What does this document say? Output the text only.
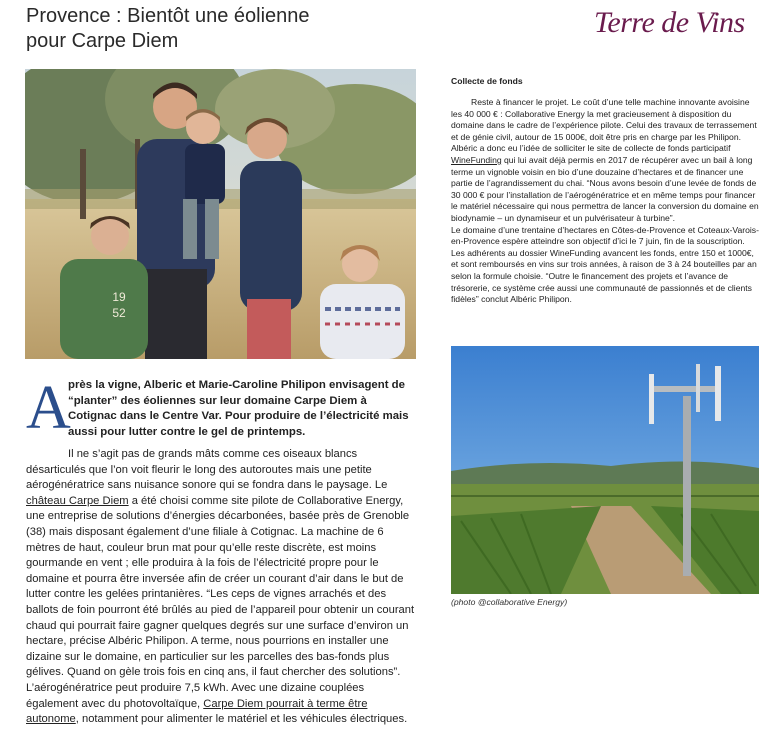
Provence : Bientôt une éolienne
pour Carpe Diem
Terre de Vins
19
52
A

près la vigne, Alberic et Marie-Caroline Philipon envisagent de “planter” des éoliennes sur leur domaine Carpe Diem à Cotignac dans le Centre Var. Pour produire de l’électricité mais aussi pour lutter contre le gel de printemps.

Il ne s’agit pas de grands mâts comme ces oiseaux blancs désarticulés que l’on voit fleurir le long des autoroutes mais une petite aérogénératrice sans nuisance sonore qui se fondra dans le paysage. Le château Carpe Diem a été choisi comme site pilote de Collaborative Energy, une entreprise de solutions d’énergies décarbonées, basée près de Grenoble (38) mais disposant également d’une filiale à Cotignac. La machine de 6 mètres de haut, couleur brun mat pour qu’elle reste discrète, est moins gourmande en vent ; elle produira à la fois de l’électricité propre pour le domaine et pourra être inversée afin de créer un courant d’air dans le but de lutter contre les gelées printanières. “Les ceps de vignes arrachés et des ballots de foin pourront été brûlés au pied de l’appareil pour obtenir un courant chaud qui pourrait faire gagner quelques degrés sur une surface d’environ un hectare, précise Albéric Philipon. A terme, nous pourrions en installer une dizaine sur le domaine, en particulier sur les parcelles des bas-fonds plus gélives. Quand on gèle trois fois en cinq ans, il faut chercher des solutions”. L’aérogénératrice peut produire 7,5 kWh. Avec une dizaine couplées également avec du photovoltaïque, Carpe Diem pourrait à terme être autonome, notamment pour alimenter le matériel et les véhicules électriques.

Collecte de fonds

Reste à financer le projet. Le coût d’une telle machine innovante avoisine les 40 000 € : Collaborative Energy la met gracieusement à disposition du domaine dans le cadre de l’expérience pilote. Celui des travaux de terrassement et de génie civil, autour de 15 000€, doit être pris en charge par les Philipon. Albéric a donc eu l’idée de solliciter le site de collecte de fonds participatif WineFunding qui lui avait déjà permis en 2017 de récupérer avec un bail à long terme un vignoble voisin en bio d’une douzaine d’hectares et de financer une partie de l’agrandissement du chai. “Nous avons besoin d’une levée de fonds de 30 000 € pour l’installation de l’aérogénératrice et en même temps pour financer le matériel nécessaire qui nous permettra de lancer la conversion du domaine en biodynamie – un dynamiseur et un pulvérisateur à turbine”.

Le domaine d’une trentaine d’hectares en Côtes-de-Provence et Coteaux-Varois-en-Provence espère atteindre son objectif d’ici le 7 juin, fin de la souscription. Les adhérents au dossier WineFunding avancent les fonds, entre 150 et 1000€, et sont remboursés en vins sur trois années, à raison de 3 à 24 bouteilles par an selon la formule choisie. “Outre le financement des projets et l’avance de trésorerie, ce système crée aussi une communauté de passionnés et de clients fidèles” conclut Albéric Philipon.

(photo @collaborative Energy)
